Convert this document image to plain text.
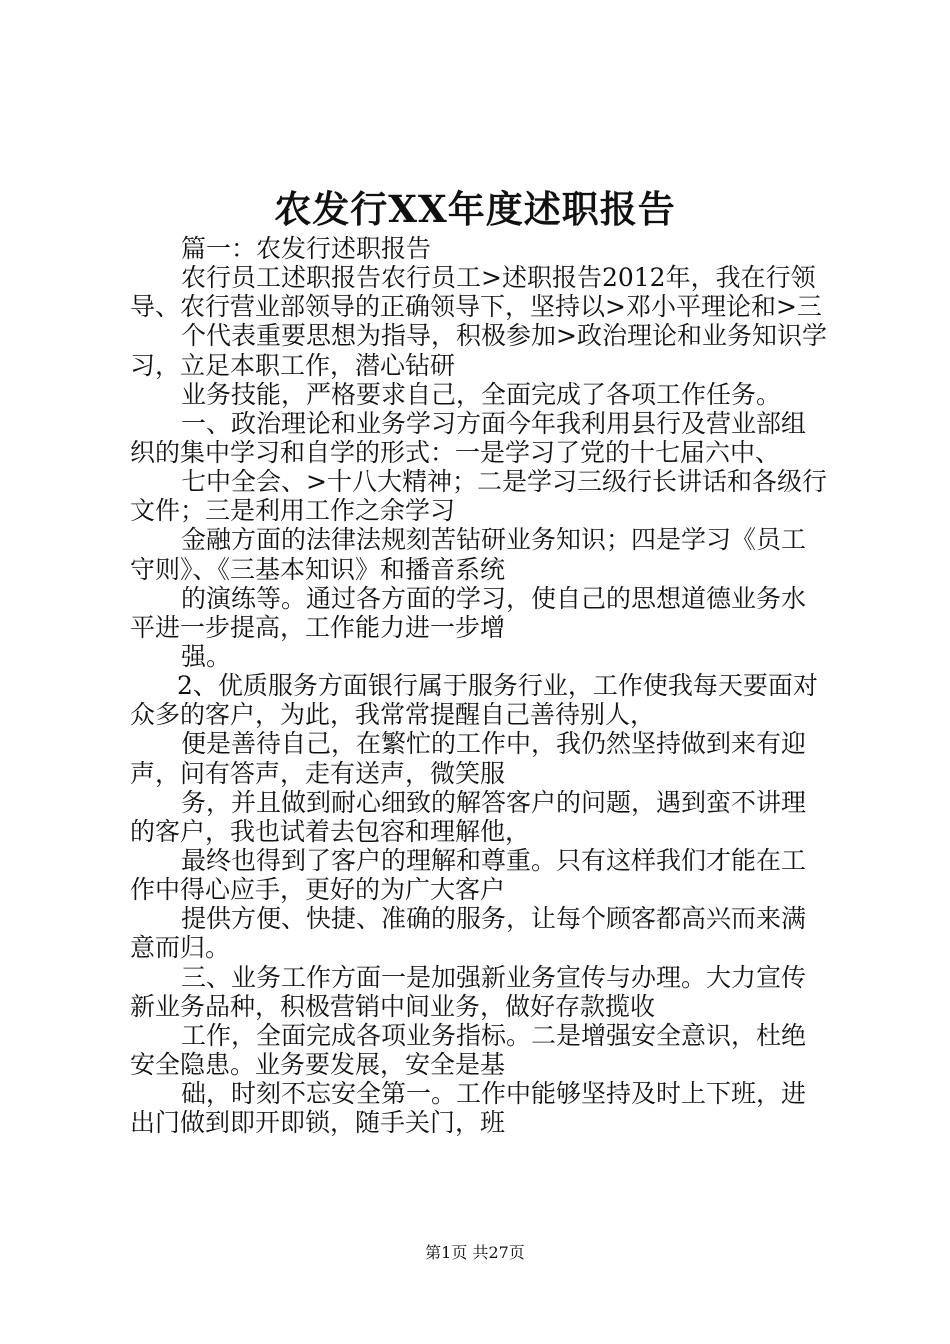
农发行XX年度述职报告
篇一：农发行述职报告
农行员工述职报告农行员工>述职报告2012年，我在行领
导、农行营业部领导的正确领导下，坚持以>邓小平理论和>三
个代表重要思想为指导，积极参加>政治理论和业务知识学
习，立足本职工作，潜心钻研
业务技能，严格要求自己，全面完成了各项工作任务。
一、政治理论和业务学习方面今年我利用县行及营业部组
织的集中学习和自学的形式：一是学习了党的十七届六中、
七中全会、>十八大精神；二是学习三级行长讲话和各级行
文件；三是利用工作之余学习
金融方面的法律法规刻苦钻研业务知识；四是学习《员工
守则》、《三基本知识》和播音系统
的演练等。通过各方面的学习，使自己的思想道德业务水
平进一步提高，工作能力进一步增
强。
2、优质服务方面银行属于服务行业，工作使我每天要面对
众多的客户，为此，我常常提醒自己善待别人，
便是善待自己，在繁忙的工作中，我仍然坚持做到来有迎
声，问有答声，走有送声，微笑服
务，并且做到耐心细致的解答客户的问题，遇到蛮不讲理
的客户，我也试着去包容和理解他，
最终也得到了客户的理解和尊重。只有这样我们才能在工
作中得心应手，更好的为广大客户
提供方便、快捷、准确的服务，让每个顾客都高兴而来满
意而归。
三、业务工作方面一是加强新业务宣传与办理。大力宣传
新业务品种，积极营销中间业务，做好存款揽收
工作，全面完成各项业务指标。二是增强安全意识，杜绝
安全隐患。业务要发展，安全是基
础，时刻不忘安全第一。工作中能够坚持及时上下班，进
出门做到即开即锁，随手关门，班
第1页 共27页
